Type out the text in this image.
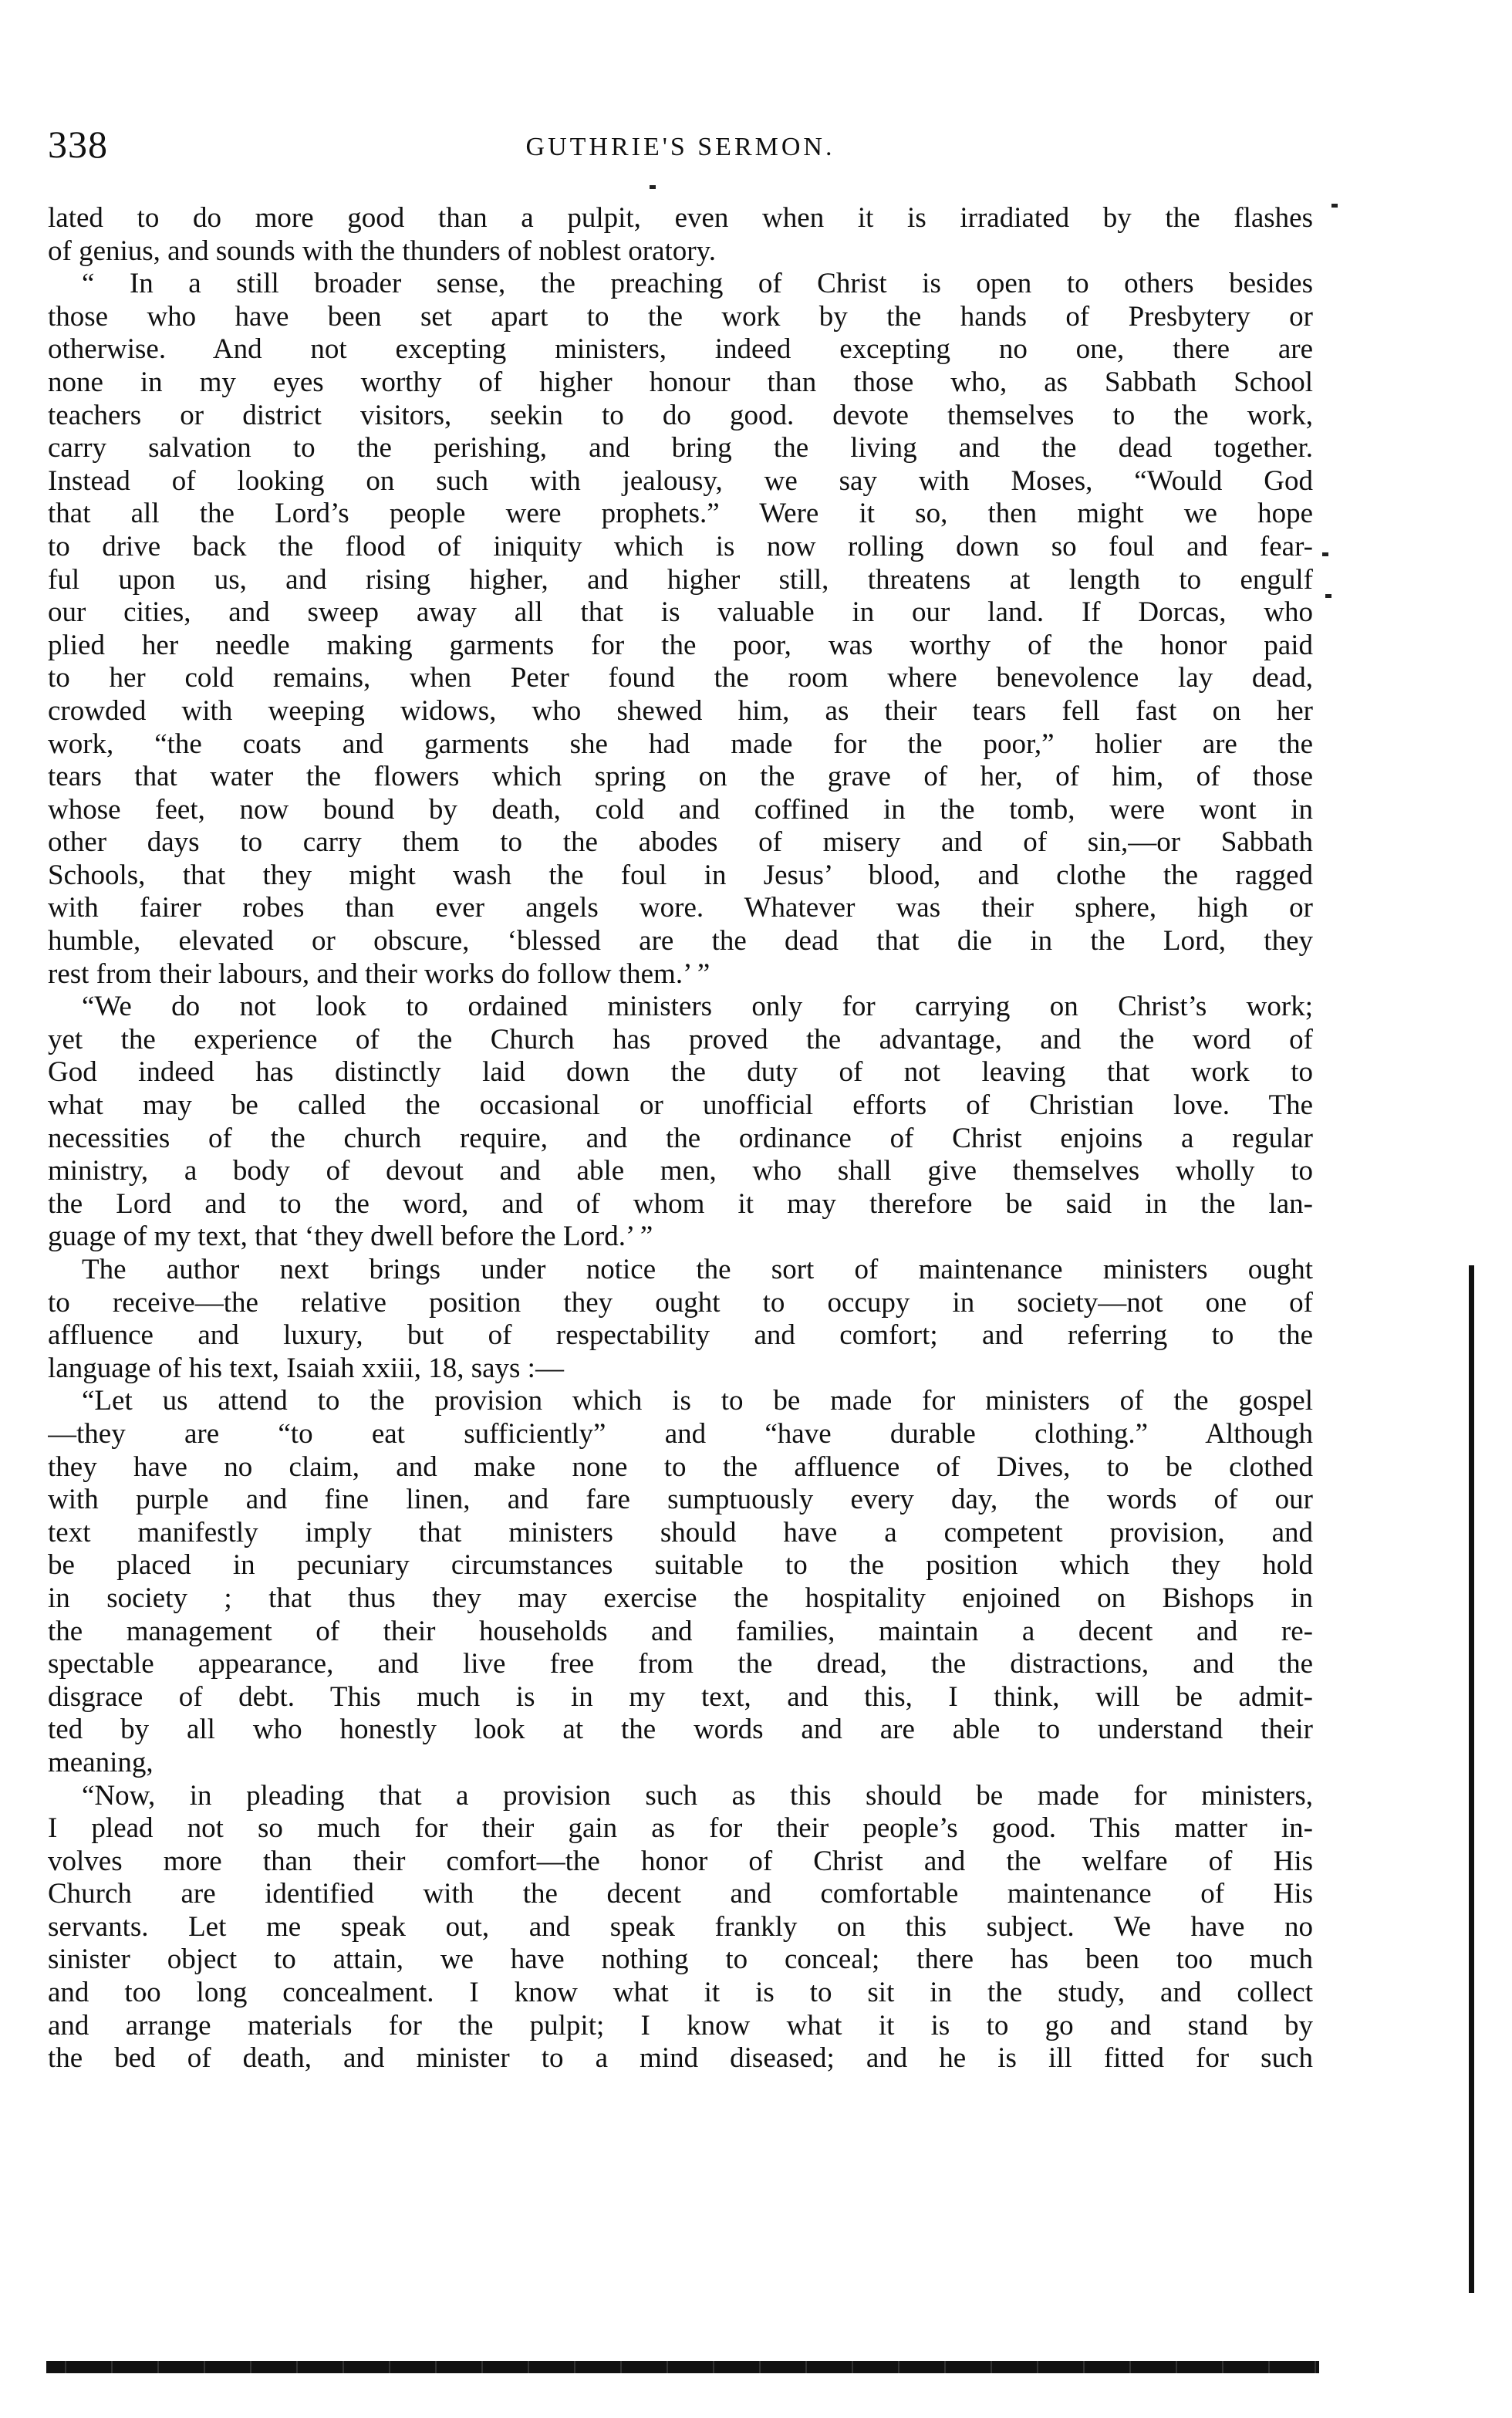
338	GUTHRIE'S SERMON.
lated to do more good than a pulpit, even when it is irradiated by the flashes
of genius, and sounds with the thunders of noblest oratory.
“ In a still broader sense, the preaching of Christ is open to others besides
those who have been set apart to the work by the hands of Presbytery or
otherwise. And not excepting ministers, indeed excepting no one, there are
none in my eyes worthy of higher honour than those who, as Sabbath School
teachers or district visitors, seekin to do good. devote themselves to the work,
carry salvation to the perishing, and bring the living and the dead together.
Instead of looking on such with jealousy, we say with Moses, “Would God
that all the Lord’s people were prophets.” Were it so, then might we hope
to drive back the flood of iniquity which is now rolling down so foul and fear-
ful upon us, and rising higher, and higher still, threatens at length to engulf
our cities, and sweep away all that is valuable in our land. If Dorcas, who
plied her needle making garments for the poor, was worthy of the honor paid
to her cold remains, when Peter found the room where benevolence lay dead,
crowded with weeping widows, who shewed him, as their tears fell fast on her
work, “the coats and garments she had made for the poor,” holier are the
tears that water the flowers which spring on the grave of her, of him, of those
whose feet, now bound by death, cold and coffined in the tomb, were wont in
other days to carry them to the abodes of misery and of sin,—or Sabbath
Schools, that they might wash the foul in Jesus’ blood, and clothe the ragged
with fairer robes than ever angels wore. Whatever was their sphere, high or
humble, elevated or obscure, ‘blessed are the dead that die in the Lord, they
rest from their labours, and their works do follow them.’ ”
“We do not look to ordained ministers only for carrying on Christ’s work;
yet the experience of the Church has proved the advantage, and the word of
God indeed has distinctly laid down the duty of not leaving that work to
what may be called the occasional or unofficial efforts of Christian love. The
necessities of the church require, and the ordinance of Christ enjoins a regular
ministry, a body of devout and able men, who shall give themselves wholly to
the Lord and to the word, and of whom it may therefore be said in the lan-
guage of my text, that ‘they dwell before the Lord.’ ”
The author next brings under notice the sort of maintenance ministers ought
to receive—the relative position they ought to occupy in society—not one of
affluence and luxury, but of respectability and comfort; and referring to the
language of his text, Isaiah xxiii, 18, says :—
“Let us attend to the provision which is to be made for ministers of the gospel
—they are “to eat sufficiently” and “have durable clothing.” Although
they have no claim, and make none to the affluence of Dives, to be clothed
with purple and fine linen, and fare sumptuously every day, the words of our
text manifestly imply that ministers should have a competent provision, and
be placed in pecuniary circumstances suitable to the position which they hold
in society ; that thus they may exercise the hospitality enjoined on Bishops in
the management of their households and families, maintain a decent and re-
spectable appearance, and live free from the dread, the distractions, and the
disgrace of debt. This much is in my text, and this, I think, will be admit-
ted by all who honestly look at the words and are able to understand their
meaning,
“Now, in pleading that a provision such as this should be made for ministers,
I plead not so much for their gain as for their people’s good. This matter in-
volves more than their comfort—the honor of Christ and the welfare of His
Church are identified with the decent and comfortable maintenance of His
servants. Let me speak out, and speak frankly on this subject. We have no
sinister object to attain, we have nothing to conceal; there has been too much
and too long concealment. I know what it is to sit in the study, and collect
and arrange materials for the pulpit; I know what it is to go and stand by
the bed of death, and minister to a mind diseased; and he is ill fitted for such
